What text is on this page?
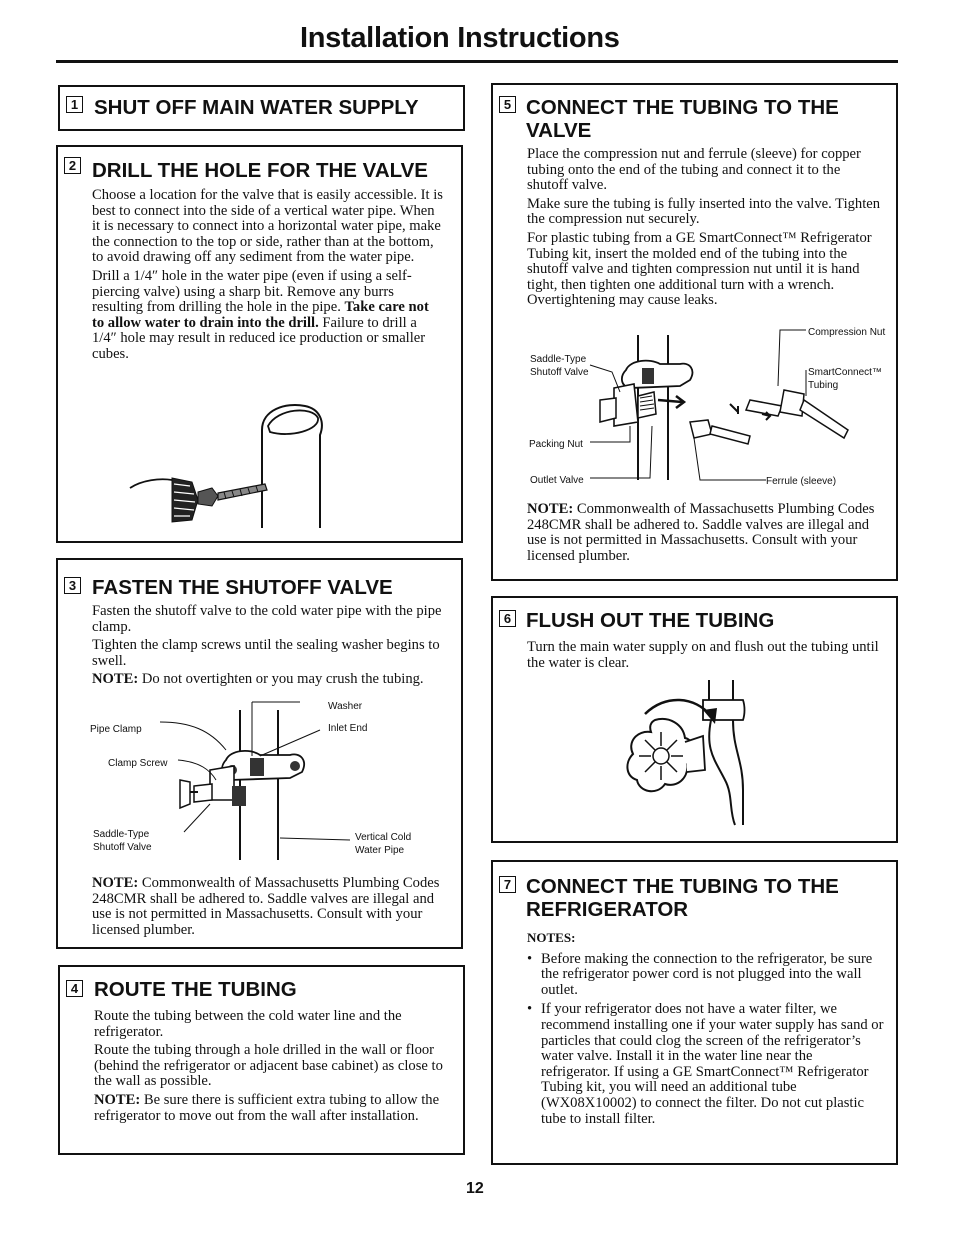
Installation Instructions
1 SHUT OFF MAIN WATER SUPPLY
2 DRILL THE HOLE FOR THE VALVE

Choose a location for the valve that is easily accessible. It is best to connect into the side of a vertical water pipe. When it is necessary to connect into a horizontal water pipe, make the connection to the top or side, rather than at the bottom, to avoid drawing off any sediment from the water pipe.

Drill a 1/4″ hole in the water pipe (even if using a self-piercing valve) using a sharp bit. Remove any burrs resulting from drilling the hole in the pipe. Take care not to allow water to drain into the drill. Failure to drill a 1/4″ hole may result in reduced ice production or smaller cubes.

3 FASTEN THE SHUTOFF VALVE

Fasten the shutoff valve to the cold water pipe with the pipe clamp.

Tighten the clamp screws until the sealing washer begins to swell.

NOTE: Do not overtighten or you may crush the tubing.

Washer
Inlet End
Pipe Clamp
Clamp Screw
Saddle-Type Shutoff Valve
Vertical Cold Water Pipe

NOTE: Commonwealth of Massachusetts Plumbing Codes 248CMR shall be adhered to. Saddle valves are illegal and use is not permitted in Massachusetts. Consult with your licensed plumber.

4 ROUTE THE TUBING

Route the tubing between the cold water line and the refrigerator.

Route the tubing through a hole drilled in the wall or floor (behind the refrigerator or adjacent base cabinet) as close to the wall as possible.

NOTE: Be sure there is sufficient extra tubing to allow the refrigerator to move out from the wall after installation.

5 CONNECT THE TUBING TO THE VALVE

Place the compression nut and ferrule (sleeve) for copper tubing onto the end of the tubing and connect it to the shutoff valve.

Make sure the tubing is fully inserted into the valve. Tighten the compression nut securely.

For plastic tubing from a GE SmartConnect™ Refrigerator Tubing kit, insert the molded end of the tubing into the shutoff valve and tighten compression nut until it is hand tight, then tighten one additional turn with a wrench. Overtightening may cause leaks.

Compression Nut
Saddle-Type Shutoff Valve	SmartConnect™ Tubing
Packing Nut
Outlet Valve	Ferrule (sleeve)

NOTE: Commonwealth of Massachusetts Plumbing Codes 248CMR shall be adhered to. Saddle valves are illegal and use is not permitted in Massachusetts. Consult with your licensed plumber.

6 FLUSH OUT THE TUBING

Turn the main water supply on and flush out the tubing until the water is clear.

7 CONNECT THE TUBING TO THE REFRIGERATOR

NOTES:

• Before making the connection to the refrigerator, be sure the refrigerator power cord is not plugged into the wall outlet.
• If your refrigerator does not have a water filter, we recommend installing one if your water supply has sand or particles that could clog the screen of the refrigerator’s water valve. Install it in the water line near the refrigerator. If using a GE SmartConnect™ Refrigerator Tubing kit, you will need an additional tube (WX08X10002) to connect the filter. Do not cut plastic tube to install filter.
12
